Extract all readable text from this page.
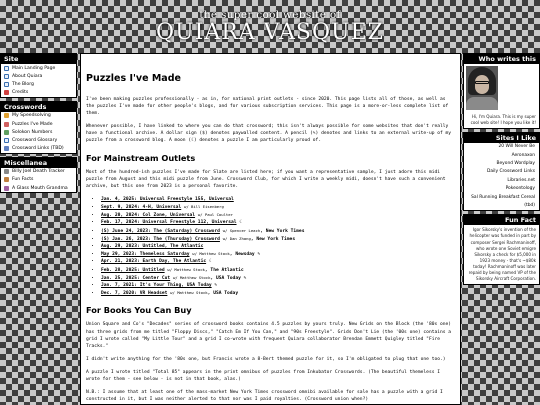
the super cool website of
QUIARA VASQUEZ
Site
Main Landing Page
About Quiara
The Blorg
Credits
Crosswords
My Speedsolving
Puzzles I've Made
Solokon Numbers
Crossword Glossary
Crossword Links (TBD)
Miscellanea
Billy Joel Death Tracker
Fun Facts
A Glass Mouth Grandma
Puzzles I've Made

I've been making puzzles professionally - as in, for national print outlets - since 2020. This page lists all of those, as well as the puzzles I've made for other people's blogs, and for various subscription services. This page is a more-or-less complete list of them.

Whenever possible, I have linked to where you can do that crossword; this isn't always possible for some websites that don't really have a functional archive. A dollar sign ($) denotes paywalled content. A pencil (✎) denotes and links to an external write-up of my puzzle from a crossword blog. A moon (☾) denotes a puzzle I am particularly proud of.

For Mainstream Outlets

Most of the hundred-ish puzzles I've made for Slate are listed here; if you want a representative sample, I just adore this midi puzzle from August and this midi puzzle from June. Crossword Club, for which I write a weekly midi, doesn't have such a convenient archive, but this one from 2023 is a personal favorite.

• Jan. 4, 2025: Universal Freestyle 155, Universal
• Sept. 9, 2024: 4-H, Universal w/ Bill Eisenberg
• Aug. 20, 2024: Col Zone, Universal w/ Paul Coulter
• Feb. 17, 2024: Universal Freestyle 112, Universal ☾
• (S) June 24, 2023: The (Saturday) Crossword w/ Spencer Leach, New York Times
• (S) Jan. 26, 2023: The (Thursday) Crossword w/ Dan Zhang, New York Times
• Aug. 29, 2023: Untitled, The Atlantic
• May 29, 2023: Themeless Saturday w/ Matthew Stock, Newsday ✎
• Apr. 21, 2023: Earth Day, The Atlantic ☾
• Feb. 28, 2025: Untitled w/ Matthew Stock, The Atlantic
• Jan. 25, 2025: Center Cut w/ Matthew Stock, USA Today ✎
• Jan. 7, 2021: It's Your Thing, USA Today ✎
• Dec. 7, 2020: VR Headset w/ Matthew Stock, USA Today
For Books You Can Buy

Union Square and Co's "Decades" series of crossword books contains 4.5 puzzles by yours truly. New Grids on the Block (the '80s one) has three grids from me titled "Floppy Discs," "Catch Em If You Can," and "90s Freestyle". Grids Don't Lie (the '00s one) contains a grid I wrote called "My Little Tour" and a grid I co-wrote with frequent Quiara collaborator Brendan Emmett Quigley titled "Fire Tracks."

I didn't write anything for the '80s one, but Francis wrote a 8-Bert themed puzzle for it, so I'm obligated to plug that one too.)

A puzzle I wrote titled "Total 85" appears in the print omnibus of puzzles from Inkubator Crosswords. (The beautiful themeless I wrote for them - see below - is not in that book, alas.)

N.B.: I assume that at least one of the mass-market New York Times crossword omnibi available for sale has a puzzle with a grid I constructed in it, but I was neither alerted to that nor was I paid royalties. (Crossword union when?)

Who writes this site?
Hi, I'm Quiara. This is my super cool web site! I hope you like it!
Sites I Like
20 Will Never Be
Aeronaxon
Beyond Wordplay
Daily Crossword Links
Libraries.net
Pokeontology
Sal Running Breakfast Cereal
(tbd)
Fun Fact
Igor Sikorsky's invention of the helicopter was funded in part by composer Sergei Rachmaninoff, who wrote one Soviet emigre Sikorsky a check for $5,000 in 1923 money - that's ~$80k today! Rachmaninoff was later repaid by being named VP of the Sikorsky Aircraft Corporation.
